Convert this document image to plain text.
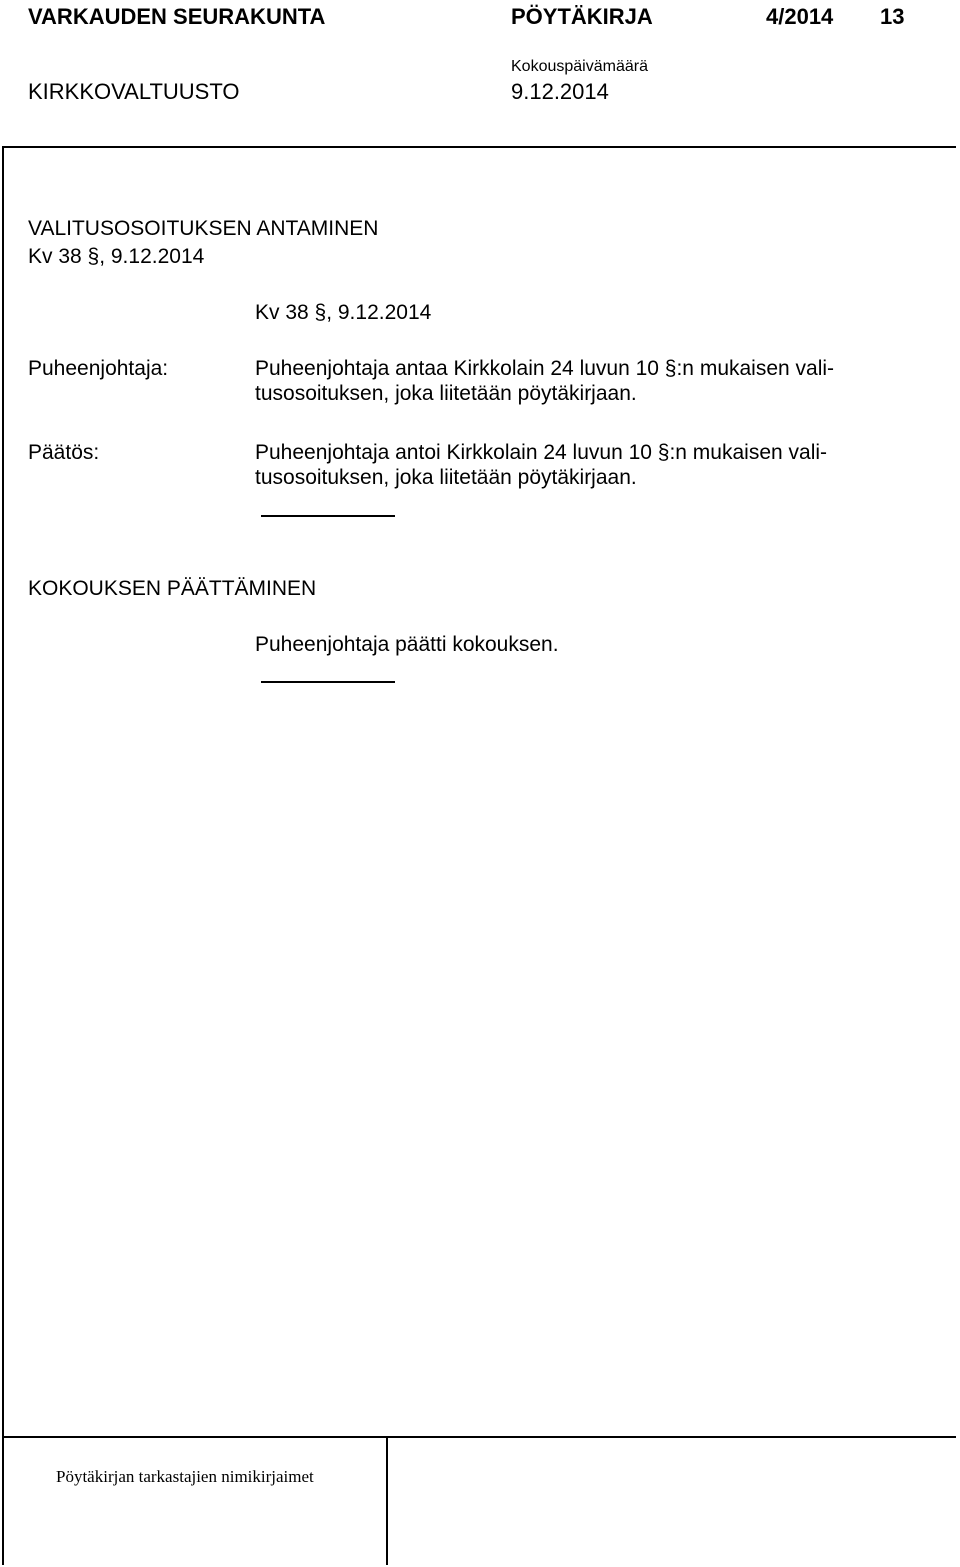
VARKAUDEN SEURAKUNTA	PÖYTÄKIRJA	4/2014 13
Kokouspäivämäärä
KIRKKOVALTUUSTO	9.12.2014
VALITUSOSOITUKSEN ANTAMINEN
Kv 38 §, 9.12.2014
Kv 38 §, 9.12.2014
Puheenjohtaja:	Puheenjohtaja antaa Kirkkolain 24 luvun 10 §:n mukaisen vali-
tusosoituksen, joka liitetään pöytäkirjaan.
Päätös:	Puheenjohtaja antoi Kirkkolain 24 luvun 10 §:n mukaisen vali-
tusosoituksen, joka liitetään pöytäkirjaan.
KOKOUKSEN PÄÄTTÄMINEN
Puheenjohtaja päätti kokouksen.
Pöytäkirjan tarkastajien nimikirjaimet
